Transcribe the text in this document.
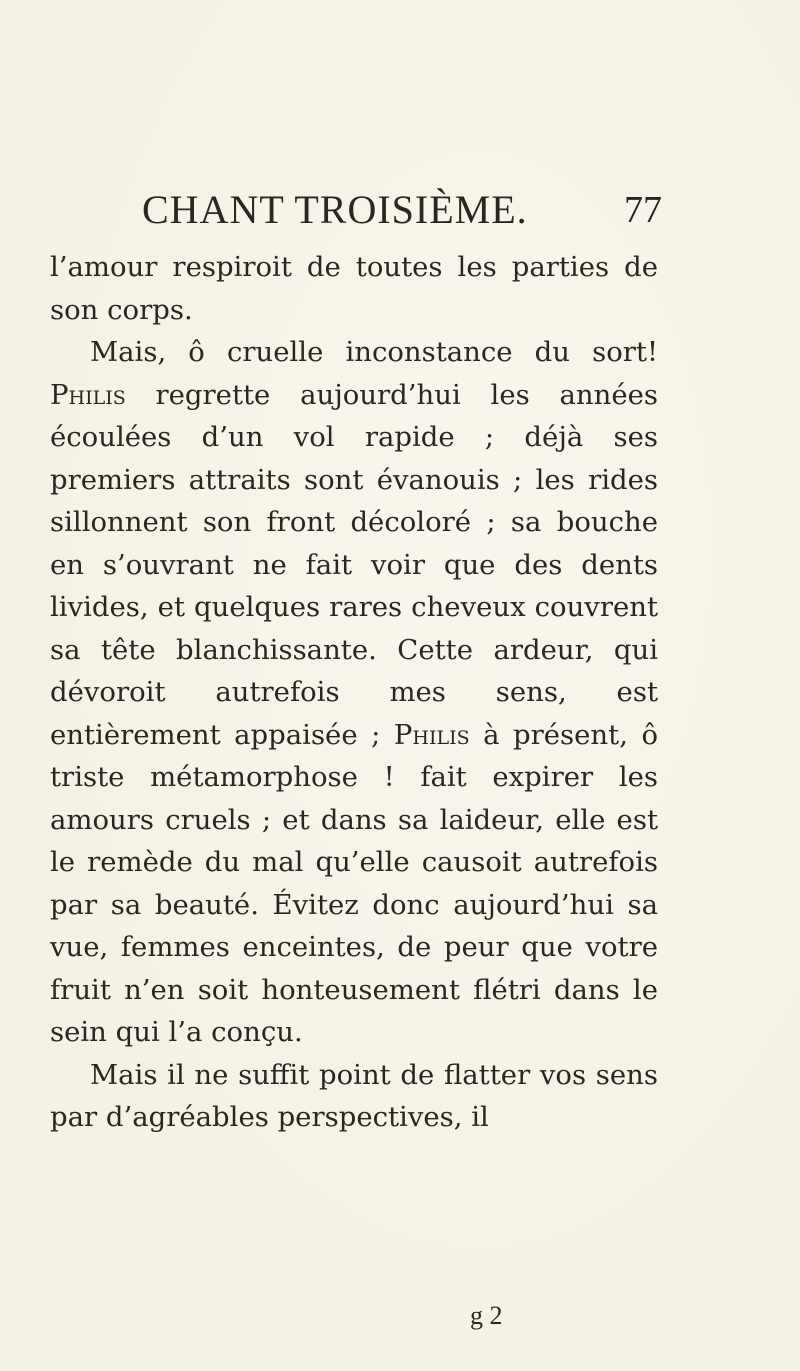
CHANT TROISIÈME.	77

l’amour respiroit de toutes les parties de son corps.

Mais, ô cruelle inconstance du sort! Philis regrette aujourd’hui les années écoulées d’un vol rapide ; déjà ses premiers attraits sont évanouis ; les rides sillonnent son front décoloré ; sa bouche en s’ouvrant ne fait voir que des dents livides, et quelques rares cheveux couvrent sa tête blanchissante. Cette ardeur, qui dévoroit autrefois mes sens, est entièrement appaisée ; Philis à présent, ô triste métamorphose ! fait expirer les amours cruels ; et dans sa laideur, elle est le remède du mal qu’elle causoit autrefois par sa beauté. Évitez donc aujourd’hui sa vue, femmes enceintes, de peur que votre fruit n’en soit honteusement flétri dans le sein qui l’a conçu.

Mais il ne suffit point de flatter vos sens par d’agréables perspectives, il

g 2
